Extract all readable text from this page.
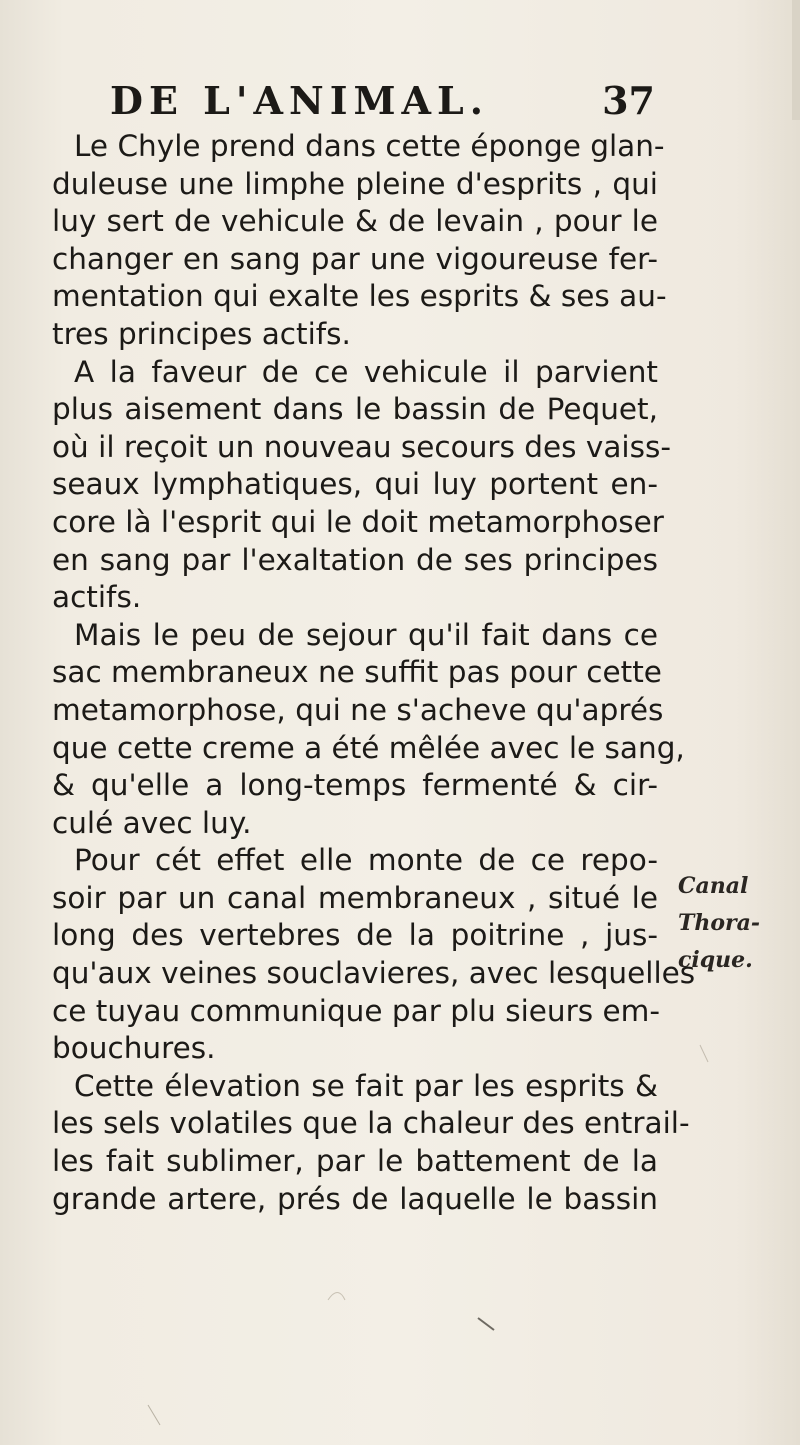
DE L'ANIMAL.	37
Le Chyle prend dans cette éponge glan-
duleuse une limphe pleine d'esprits , qui
luy sert de vehicule & de levain , pour le
changer en sang par une vigoureuse fer-
mentation qui exalte les esprits & ses au-
tres principes actifs.
A la faveur de ce vehicule il parvient
plus aisement dans le bassin de Pequet,
où il reçoit un nouveau secours des vaiss-
seaux lymphatiques, qui luy portent en-
core là l'esprit qui le doit metamorphoser
en sang par l'exaltation de ses principes
actifs.
Mais le peu de sejour qu'il fait dans ce
sac membraneux ne suffit pas pour cette
metamorphose, qui ne s'acheve qu'aprés
que cette creme a été mêlée avec le sang,
& qu'elle a long-temps fermenté & cir-
culé avec luy.
Pour cét effet elle monte de ce repo-
soir par un canal membraneux , situé le
long des vertebres de la poitrine , jus-
qu'aux veines souclavieres, avec lesquelles
ce tuyau communique par plu sieurs em-
bouchures.
Cette élevation se fait par les esprits &
les sels volatiles que la chaleur des entrail-
les fait sublimer, par le battement de la
grande artere, prés de laquelle le bassin
Canal
Thora-
cique.
